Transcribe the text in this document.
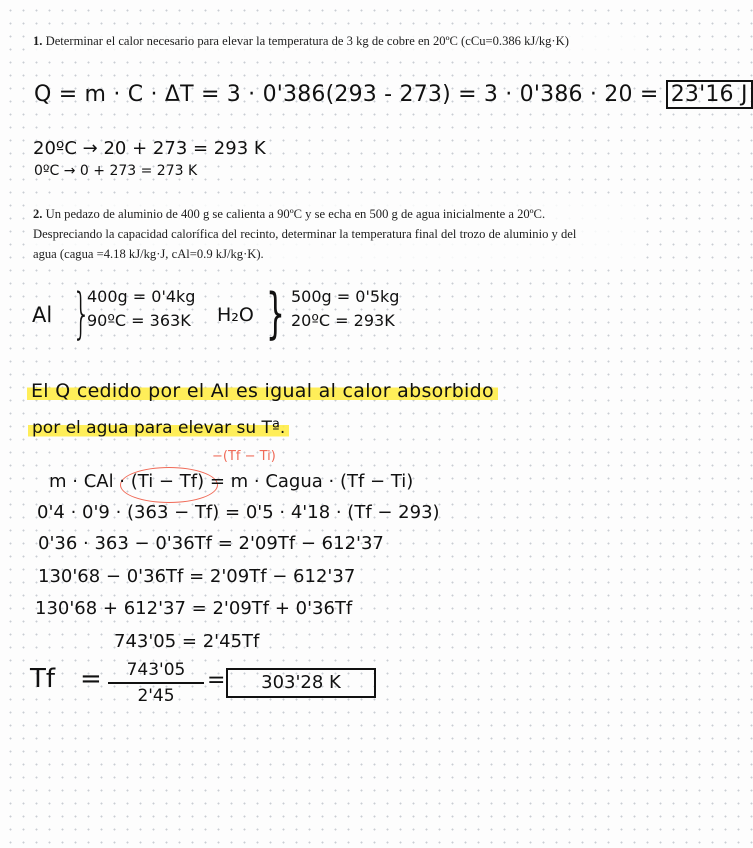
1. Determinar el calor necesario para elevar la temperatura de 3 kg de cobre en 20ºC (cCu=0.386 kJ/kg·K)
Q = m · C · ΔT = 3 · 0'386(293 - 273) = 3 · 0'386 · 20 = 23'16 J
20ºC → 20 + 273 = 293 K
0ºC → 0 + 273 = 273 K
2. Un pedazo de aluminio de 400 g se calienta a 90ºC y se echa en 500 g de agua inicialmente a 20ºC.
Despreciando la capacidad calorífica del recinto, determinar la temperatura final del trozo de aluminio y del
agua (cagua =4.18 kJ/kg·J, cAl=0.9 kJ/kg·K).
Al }
400g = 0'4kg
90ºC = 363K H₂O } 500g = 0'5kg
20ºC = 293K
El Q cedido por el Al es igual al calor absorbido
por el agua para elevar su Tª.
−(Tf − Ti)
m · CAl · (Ti − Tf) = m · Cagua · (Tf − Ti)
0'4 · 0'9 · (363 − Tf) = 0'5 · 4'18 · (Tf − 293)
0'36 · 363 − 0'36Tf = 2'09Tf − 612'37
130'68 − 0'36Tf = 2'09Tf − 612'37
130'68 + 612'37 = 2'09Tf + 0'36Tf
743'05 = 2'45Tf
Tf =	743'05
2'45
=	303'28 K
